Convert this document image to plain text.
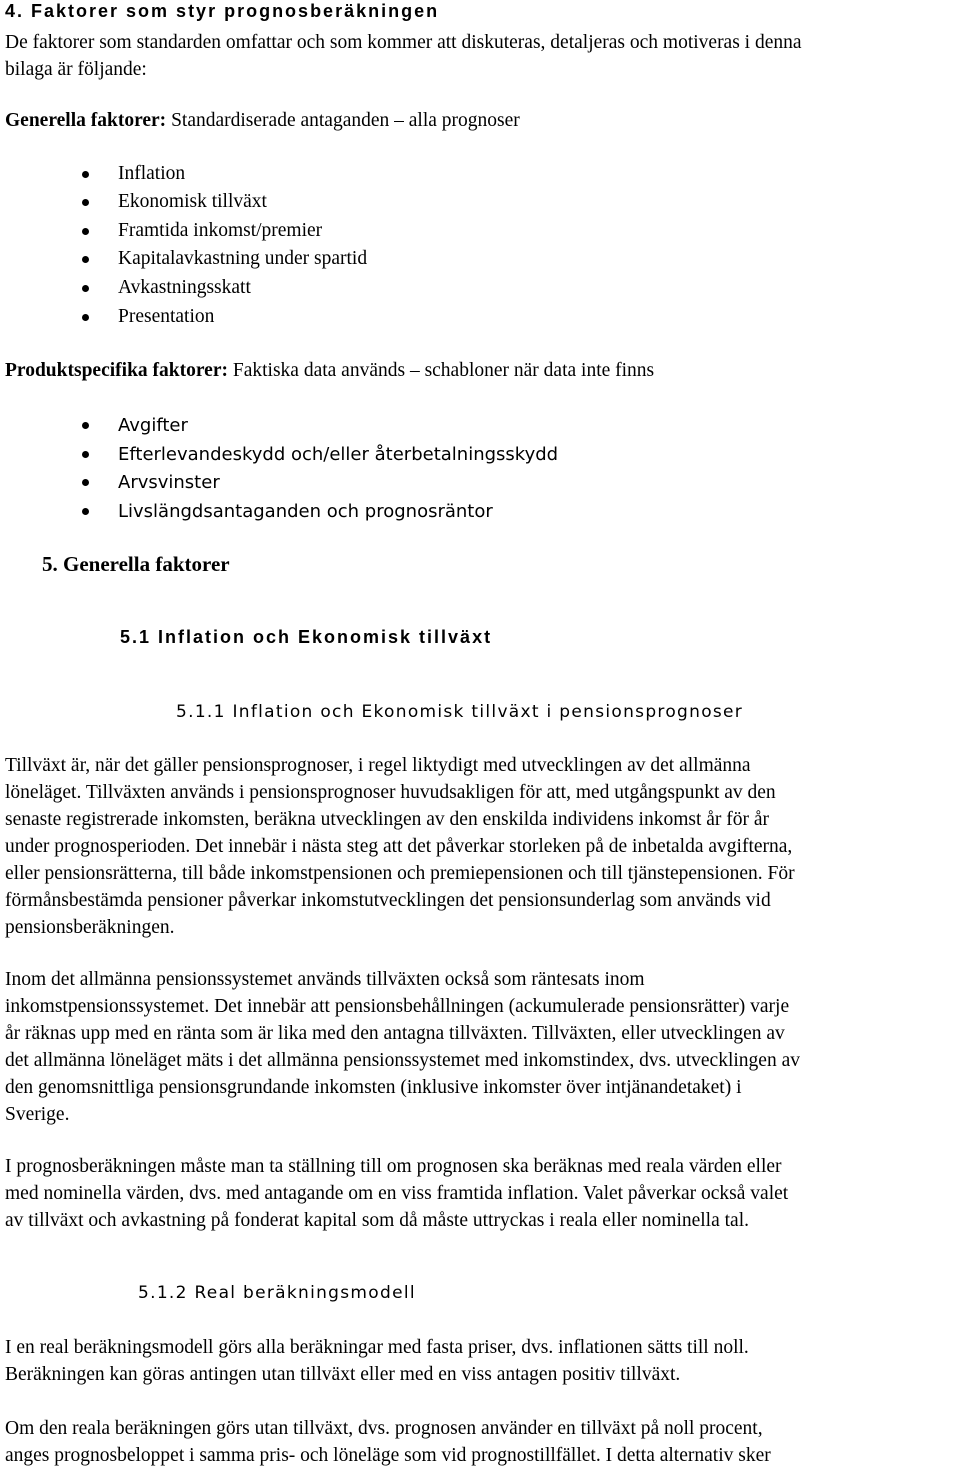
4. Faktorer som styr prognosberäkningen
De faktorer som standarden omfattar och som kommer att diskuteras, detaljeras och motiveras i denna
bilaga är följande:
Generella faktorer: Standardiserade antaganden – alla prognoser
Inflation
Ekonomisk tillväxt
Framtida inkomst/premier
Kapitalavkastning under spartid
Avkastningsskatt
Presentation
Produktspecifika faktorer: Faktiska data används – schabloner när data inte finns
Avgifter
Efterlevandeskydd och/eller återbetalningsskydd
Arvsvinster
Livslängdsantaganden och prognosräntor
5. Generella faktorer
5.1 Inflation och Ekonomisk tillväxt
5.1.1 Inflation och Ekonomisk tillväxt i pensionsprognoser
Tillväxt är, när det gäller pensionsprognoser, i regel liktydigt med utvecklingen av det allmänna
löneläget. Tillväxten används i pensionsprognoser huvudsakligen för att, med utgångspunkt av den
senaste registrerade inkomsten, beräkna utvecklingen av den enskilda individens inkomst år för år
under prognosperioden. Det innebär i nästa steg att det påverkar storleken på de inbetalda avgifterna,
eller pensionsrätterna, till både inkomstpensionen och premiepensionen och till tjänstepensionen. För
förmånsbestämda pensioner påverkar inkomstutvecklingen det pensionsunderlag som används vid
pensionsberäkningen.
Inom det allmänna pensionssystemet används tillväxten också som räntesats inom
inkomstpensionssystemet. Det innebär att pensionsbehållningen (ackumulerade pensionsrätter) varje
år räknas upp med en ränta som är lika med den antagna tillväxten. Tillväxten, eller utvecklingen av
det allmänna löneläget mäts i det allmänna pensionssystemet med inkomstindex, dvs. utvecklingen av
den genomsnittliga pensionsgrundande inkomsten (inklusive inkomster över intjänandetaket) i
Sverige.
I prognosberäkningen måste man ta ställning till om prognosen ska beräknas med reala värden eller
med nominella värden, dvs. med antagande om en viss framtida inflation. Valet påverkar också valet
av tillväxt och avkastning på fonderat kapital som då måste uttryckas i reala eller nominella tal.
5.1.2 Real beräkningsmodell
I en real beräkningsmodell görs alla beräkningar med fasta priser, dvs. inflationen sätts till noll.
Beräkningen kan göras antingen utan tillväxt eller med en viss antagen positiv tillväxt.
Om den reala beräkningen görs utan tillväxt, dvs. prognosen använder en tillväxt på noll procent,
anges prognosbeloppet i samma pris- och löneläge som vid prognostillfället. I detta alternativ sker
